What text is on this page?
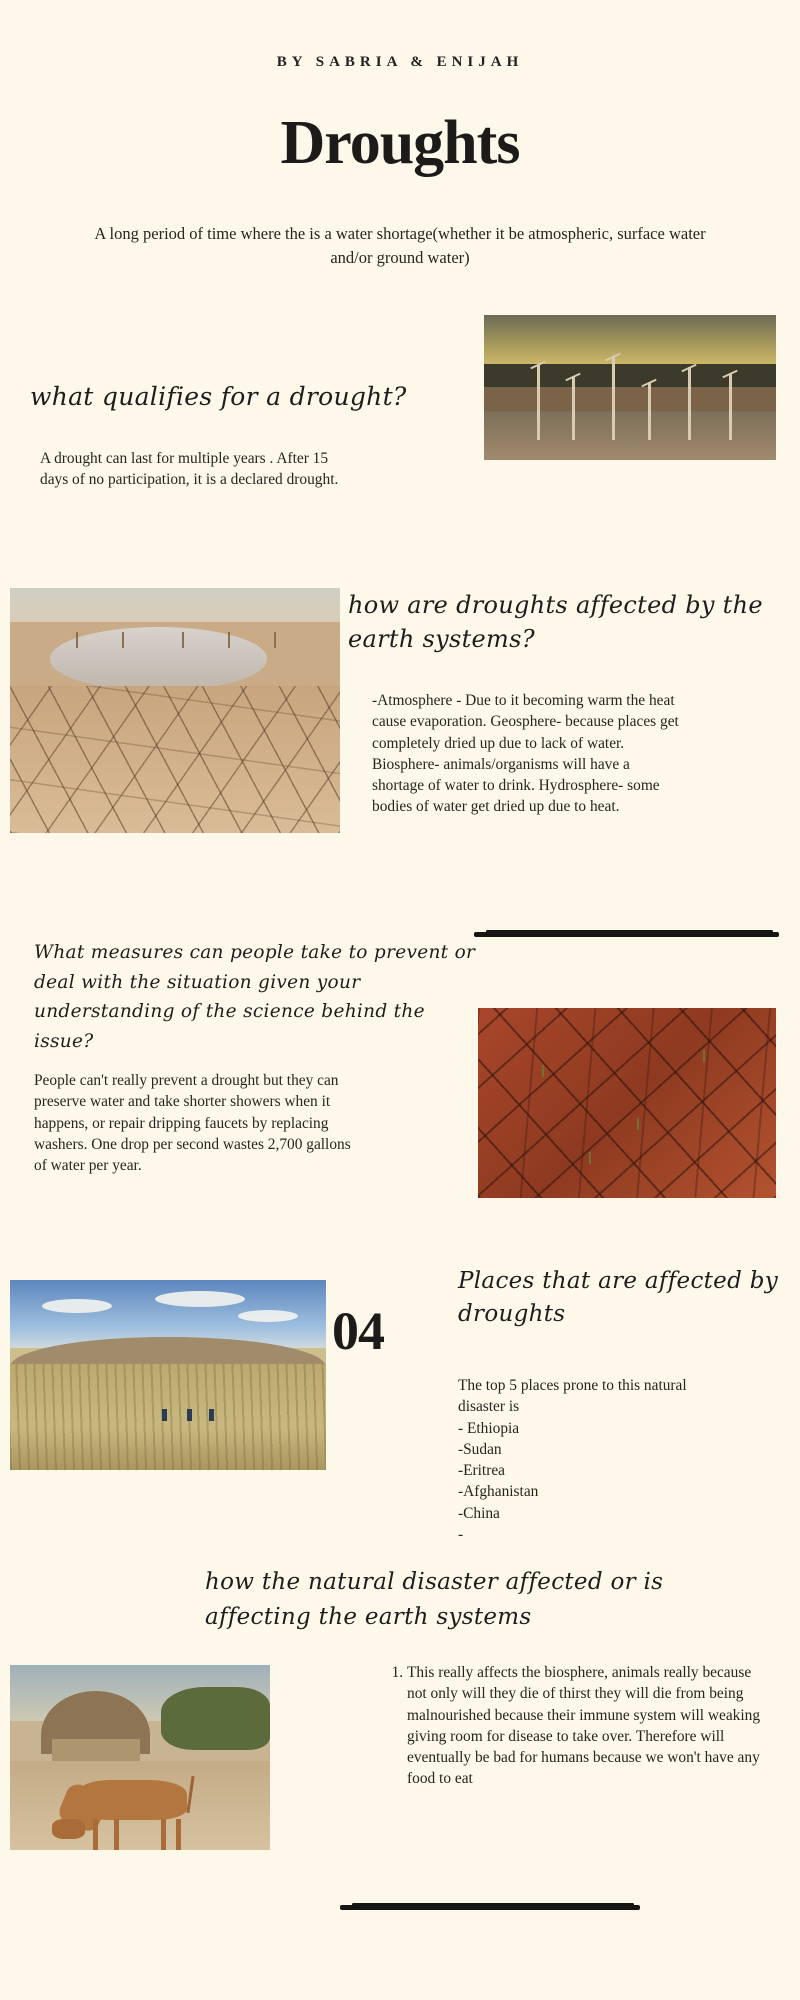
BY SABRIA & ENIJAH
Droughts
A long period of time where the is a water shortage(whether it be atmospheric, surface water and/or ground water)
what qualifies for a drought?
A drought can last for multiple years . After 15 days of no participation, it is a declared drought.
how are droughts affected by the earth systems?
-Atmosphere - Due to it becoming warm the heat cause evaporation. Geosphere- because places get completely dried up due to lack of water. Biosphere- animals/organisms will have a shortage of water to drink. Hydrosphere- some bodies of water get dried up due to heat.
What measures can people take to prevent or deal with the situation given your understanding of the science behind the issue?
People can't really prevent a drought but they can preserve water and take shorter showers when it happens, or repair dripping faucets by replacing washers. One drop per second wastes 2,700 gallons of water per year.
04
Places that are affected by droughts
The top 5 places prone to this natural disaster is
- Ethiopia
-Sudan
-Eritrea
-Afghanistan
-China
-
how the natural disaster affected or is affecting the earth systems
1. This really affects the biosphere, animals really because not only will they die of thirst they will die from being malnourished because their immune system will weaking giving room for disease to take over. Therefore will eventually be bad for humans because we won't have any food to eat
